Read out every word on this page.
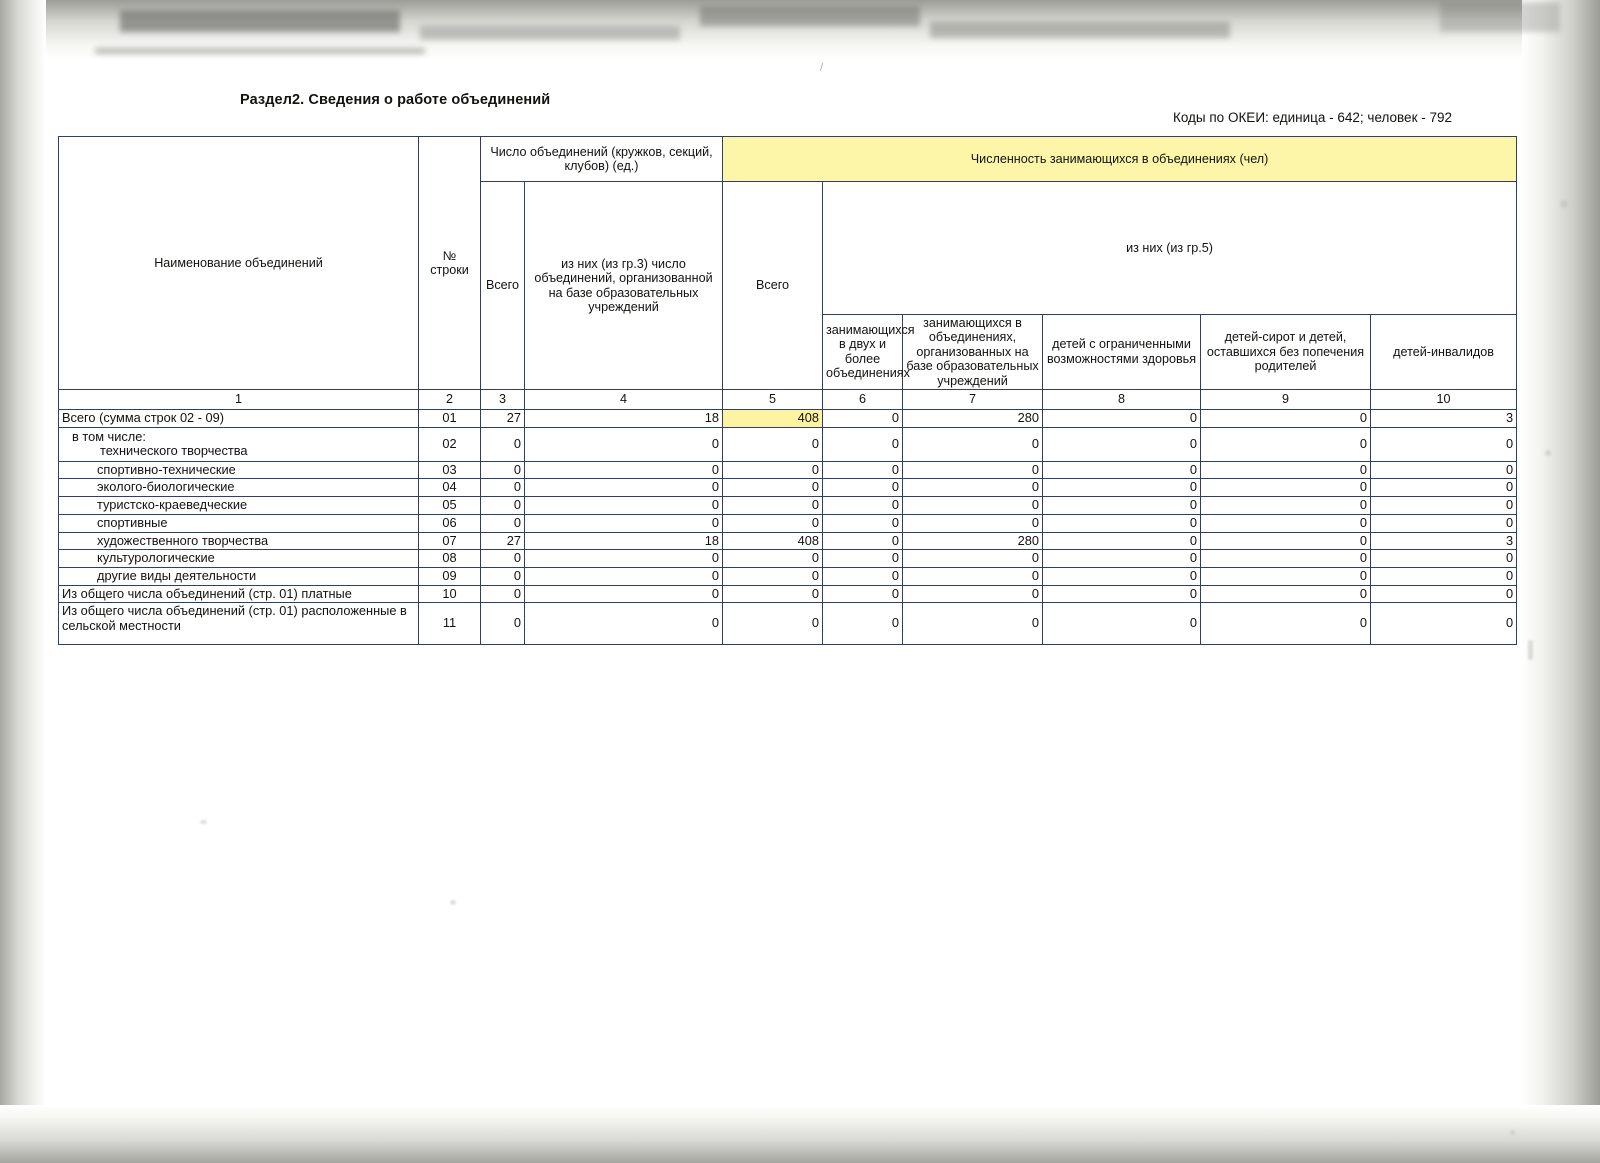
/
Раздел2. Сведения о работе объединений
Коды по ОКЕИ: единица - 642; человек - 792
Наименование объединений	№ строки	Число объединений (кружков, секций, клубов) (ед.)		Численность занимающихся в объединениях (чел)					
		Всего	из них (из гр.3) число объединений, организованной на базе образовательных учреждений	Всего	из них (из гр.5)				
					занимающихся в двух и более объединениях	занимающихся в объединениях, организованных на базе образовательных учреждений	детей с ограниченными возможностями здоровья	детей-сирот и детей, оставшихся без попечения родителей	детей-инвалидов
1	2	3	4	5	6	7	8	9	10
Всего (сумма строк 02 - 09)	01	27	18	408	0	280	0	0	3

в том числе:
технического творчества	02	0	0	0	0	0	0	0	0
спортивно-технические	03	0	0	0	0	0	0	0	0
эколого-биологические	04	0	0	0	0	0	0	0	0
туристско-краеведческие	05	0	0	0	0	0	0	0	0
спортивные	06	0	0	0	0	0	0	0	0
художественного творчества	07	27	18	408	0	280	0	0	3
культурологические	08	0	0	0	0	0	0	0	0
другие виды деятельности	09	0	0	0	0	0	0	0	0
Из общего числа объединений (стр. 01) платные	10	0	0	0	0	0	0	0	0
Из общего числа объединений (стр. 01) расположенные в сельской местности	11	0	0	0	0	0	0	0	0
